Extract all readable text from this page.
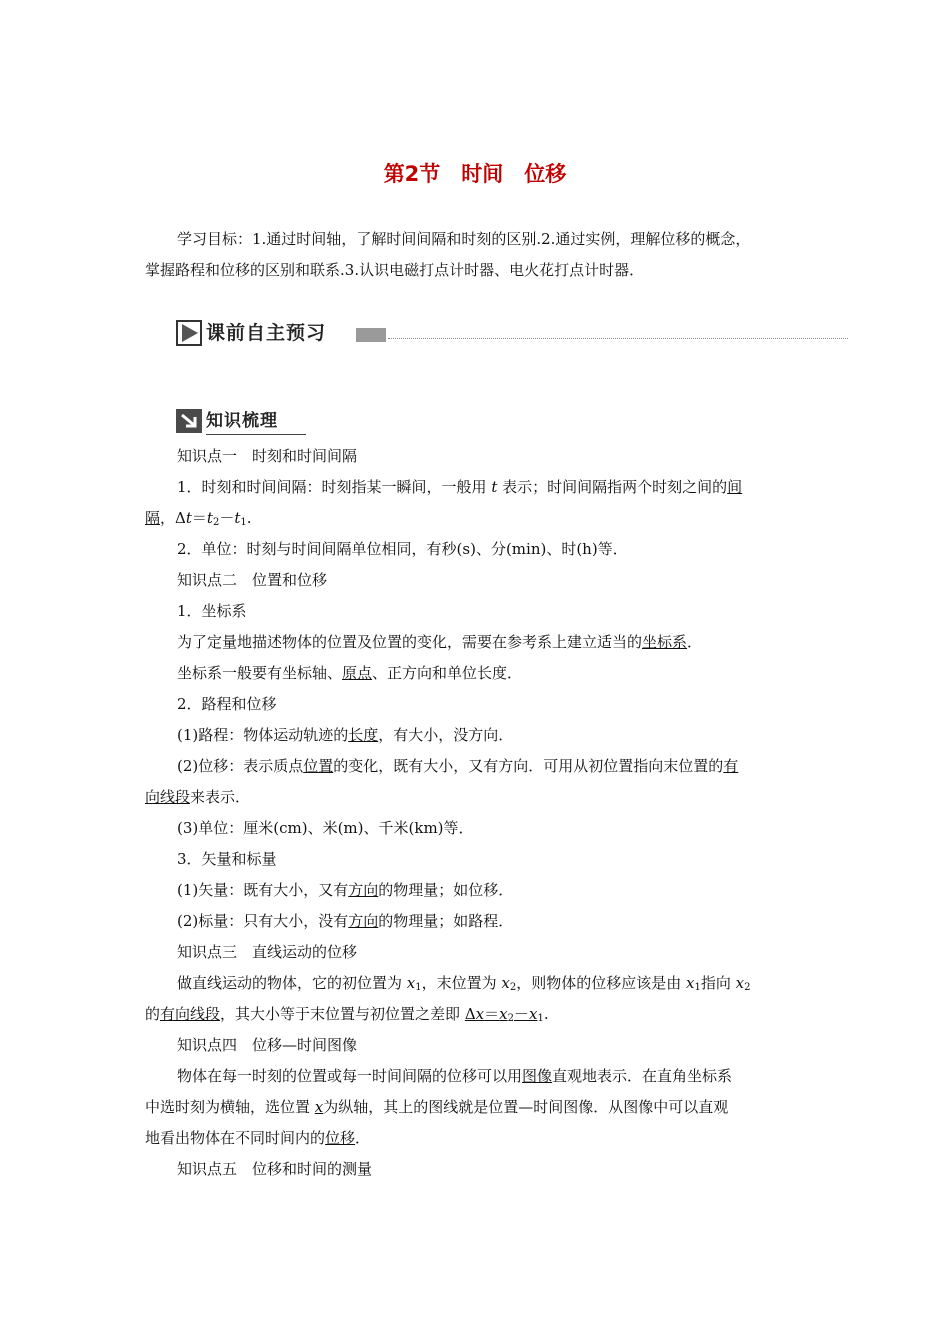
第2节　时间　位移
学习目标：1.通过时间轴，了解时间间隔和时刻的区别.2.通过实例，理解位移的概念，
掌握路程和位移的区别和联系.3.认识电磁打点计时器、电火花打点计时器．
课前自主预习
知识梳理
知识点一　时刻和时间间隔
1．时刻和时间间隔：时刻指某一瞬间，一般用 t 表示；时间间隔指两个时刻之间的间
隔，$\Delta t=t_2-t_1$.
2．单位：时刻与时间间隔单位相同，有秒(s)、分(min)、时(h)等．
知识点二　位置和位移
1．坐标系
为了定量地描述物体的位置及位置的变化，需要在参考系上建立适当的坐标系．
坐标系一般要有坐标轴、原点、正方向和单位长度．
2．路程和位移
(1)路程：物体运动轨迹的长度，有大小，没方向．
(2)位移：表示质点位置的变化，既有大小，又有方向．可用从初位置指向末位置的有
向线段来表示．
(3)单位：厘米(cm)、米(m)、千米(km)等．
3．矢量和标量
(1)矢量：既有大小，又有方向的物理量；如位移．
(2)标量：只有大小，没有方向的物理量；如路程．
知识点三　直线运动的位移
做直线运动的物体，它的初位置为 $x_1$，末位置为 $x_2$，则物体的位移应该是由 $x_1$指向 $x_2$
的有向线段，其大小等于末位置与初位置之差即 $\Delta x=x_2-x_1$.
知识点四　位移—时间图像
物体在每一时刻的位置或每一时间间隔的位移可以用图像直观地表示．在直角坐标系
中选时刻为横轴，选位置 x为纵轴，其上的图线就是位置—时间图像．从图像中可以直观
地看出物体在不同时间内的位移．
知识点五　位移和时间的测量
